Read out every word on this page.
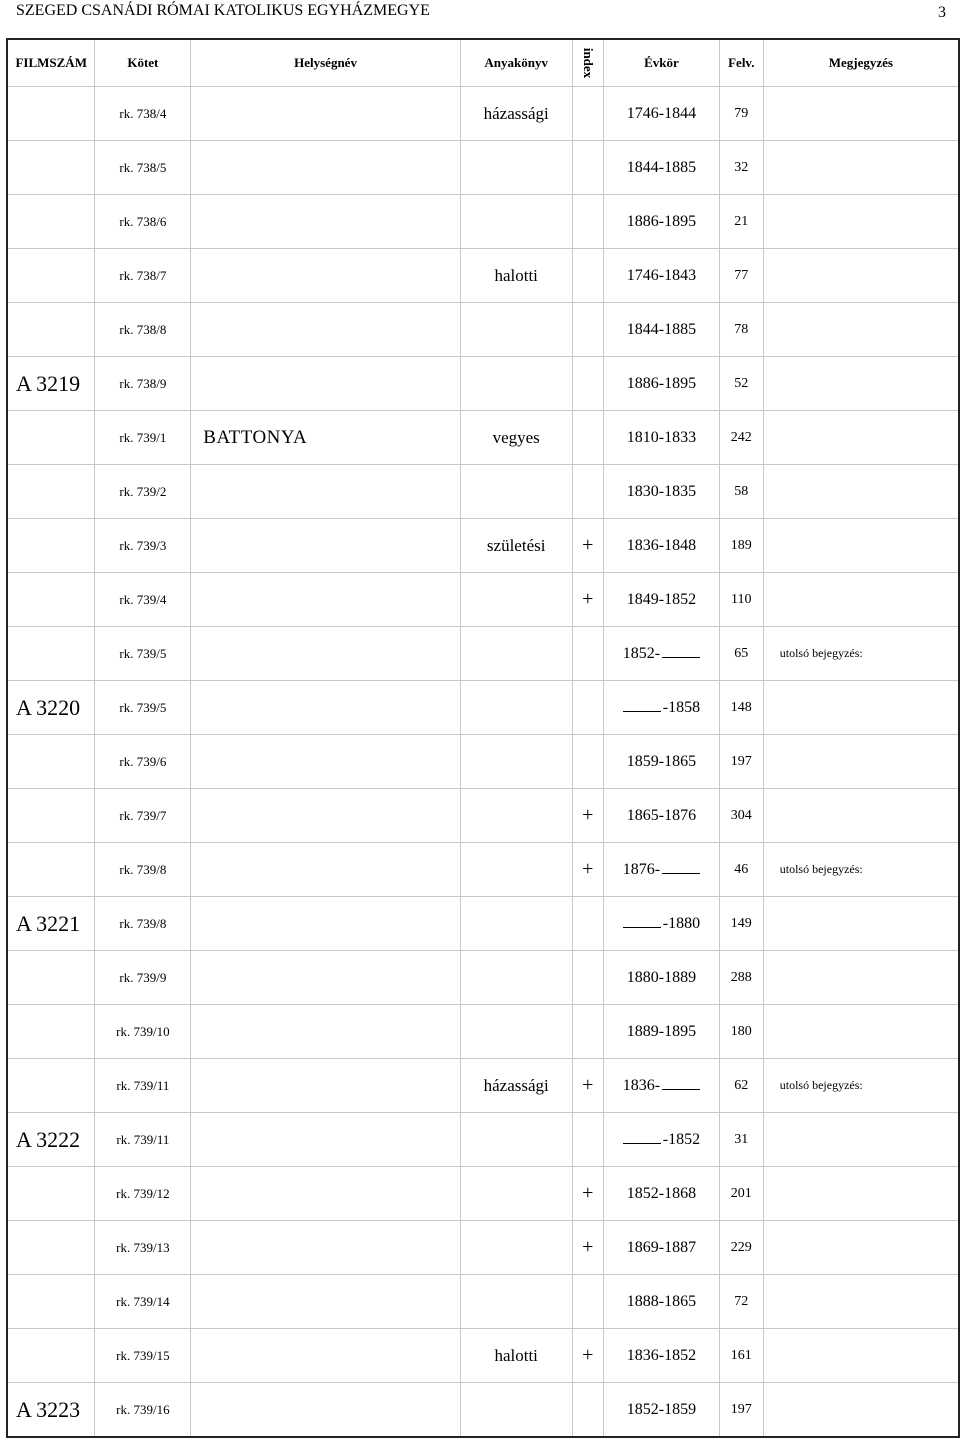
SZEGED CSANÁDI RÓMAI KATOLIKUS EGYHÁZMEGYE	3
FILMSZÁM	Kötet	Helységnév	Anyakönyv	index	Évkör	Felv.	Megjegyzés
	rk. 738/4		házassági		1746-1844	79	
	rk. 738/5				1844-1885	32	
	rk. 738/6				1886-1895	21	
	rk. 738/7		halotti		1746-1843	77	
	rk. 738/8				1844-1885	78	
A 3219	rk. 738/9				1886-1895	52	
	rk. 739/1	BATTONYA	vegyes		1810-1833	242	
	rk. 739/2				1830-1835	58	
	rk. 739/3		születési	+	1836-1848	189	
	rk. 739/4			+	1849-1852	110	
	rk. 739/5				1852-	65	utolsó bejegyzés:
A 3220	rk. 739/5				-1858	148	
	rk. 739/6				1859-1865	197	
	rk. 739/7			+	1865-1876	304	
	rk. 739/8			+	1876-	46	utolsó bejegyzés:
A 3221	rk. 739/8				-1880	149	
	rk. 739/9				1880-1889	288	
	rk. 739/10				1889-1895	180	
	rk. 739/11		házassági	+	1836-	62	utolsó bejegyzés:
A 3222	rk. 739/11				-1852	31	
	rk. 739/12			+	1852-1868	201	
	rk. 739/13			+	1869-1887	229	
	rk. 739/14				1888-1865	72	
	rk. 739/15		halotti	+	1836-1852	161	
A 3223	rk. 739/16				1852-1859	197	
